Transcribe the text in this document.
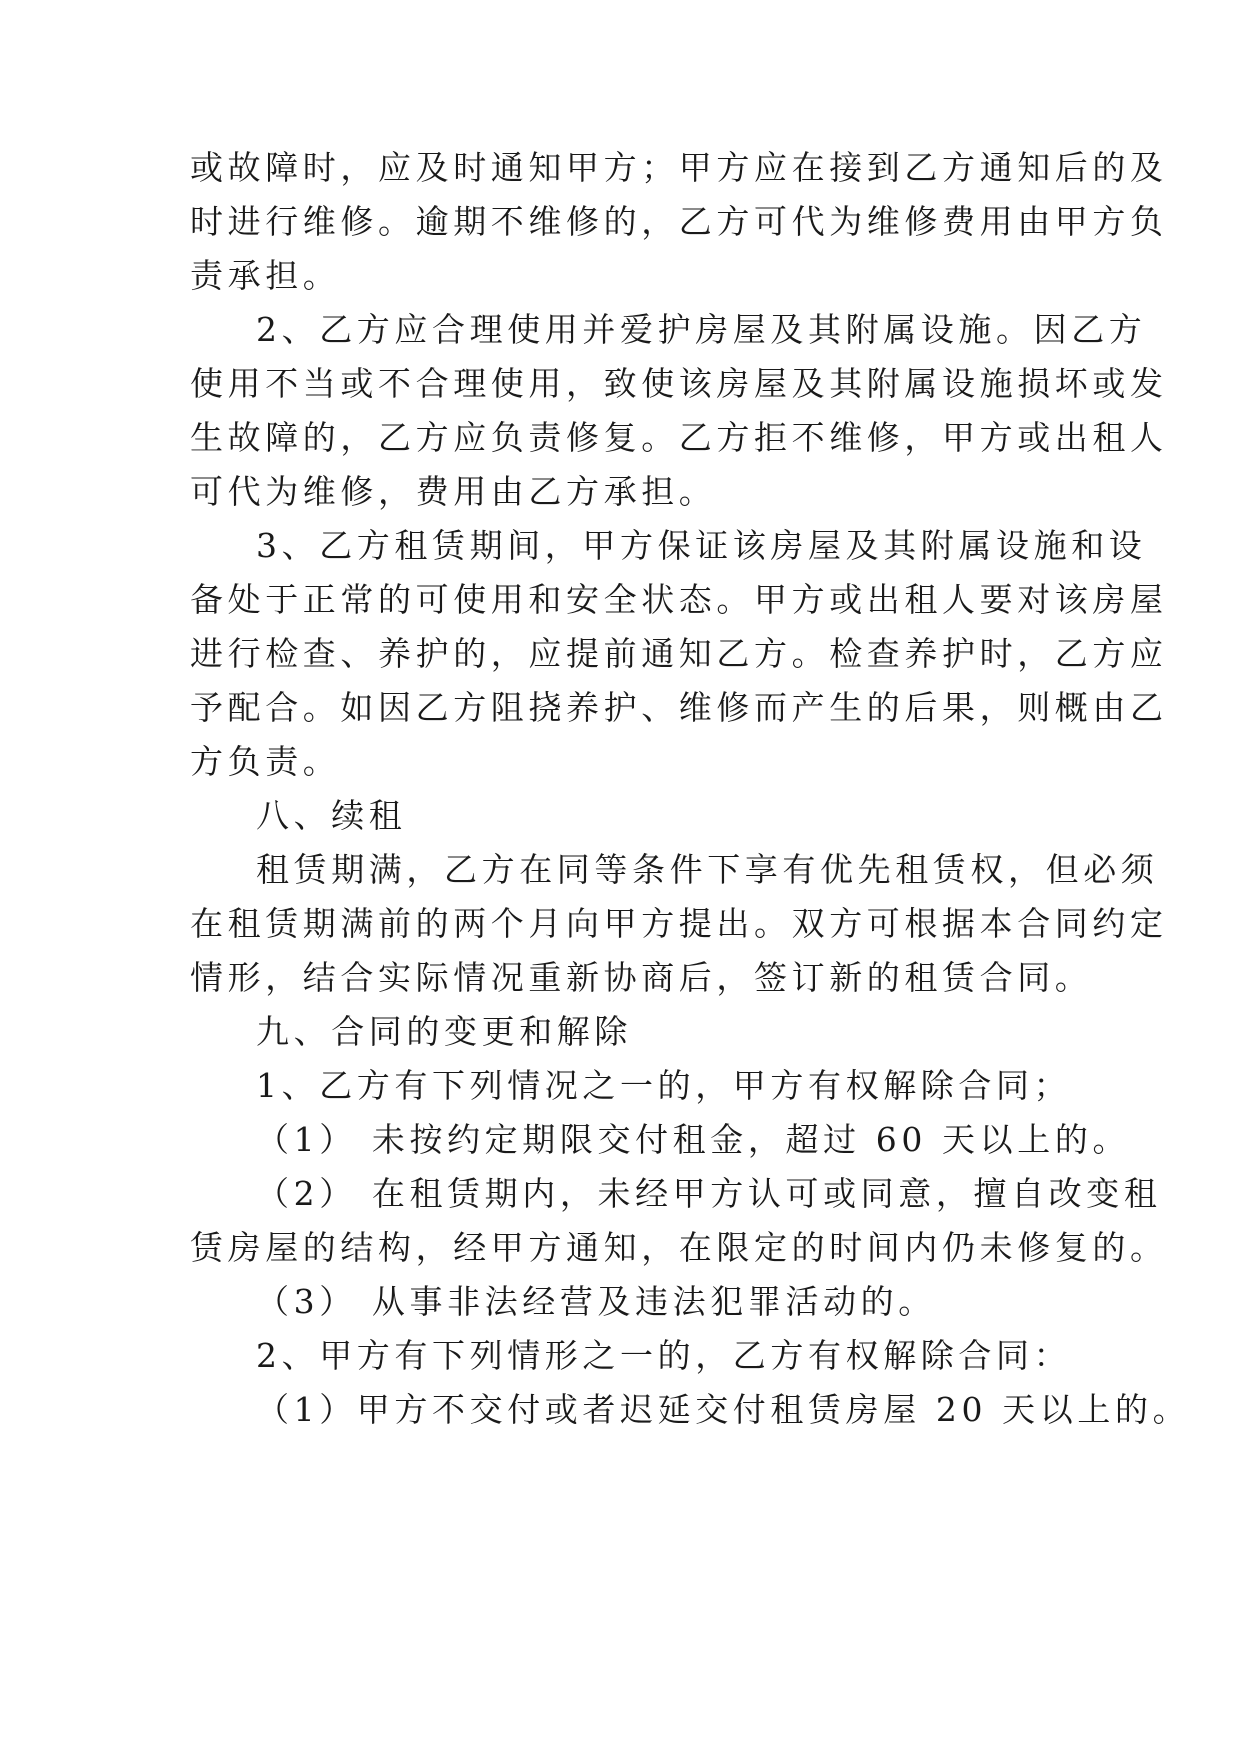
或故障时，应及时通知甲方；甲方应在接到乙方通知后的及
时进行维修。逾期不维修的，乙方可代为维修费用由甲方负
责承担。
2、乙方应合理使用并爱护房屋及其附属设施。因乙方
使用不当或不合理使用，致使该房屋及其附属设施损坏或发
生故障的，乙方应负责修复。乙方拒不维修，甲方或出租人
可代为维修，费用由乙方承担。
3、乙方租赁期间，甲方保证该房屋及其附属设施和设
备处于正常的可使用和安全状态。甲方或出租人要对该房屋
进行检查、养护的，应提前通知乙方。检查养护时，乙方应
予配合。如因乙方阻挠养护、维修而产生的后果，则概由乙
方负责。
八、续租
租赁期满，乙方在同等条件下享有优先租赁权，但必须
在租赁期满前的两个月向甲方提出。双方可根据本合同约定
情形，结合实际情况重新协商后，签订新的租赁合同。
九、合同的变更和解除
1、乙方有下列情况之一的，甲方有权解除合同；
（1） 未按约定期限交付租金，超过 60 天以上的。
（2） 在租赁期内，未经甲方认可或同意，擅自改变租
赁房屋的结构，经甲方通知，在限定的时间内仍未修复的。
（3） 从事非法经营及违法犯罪活动的。
2、甲方有下列情形之一的，乙方有权解除合同：
（1）甲方不交付或者迟延交付租赁房屋 20 天以上的。
